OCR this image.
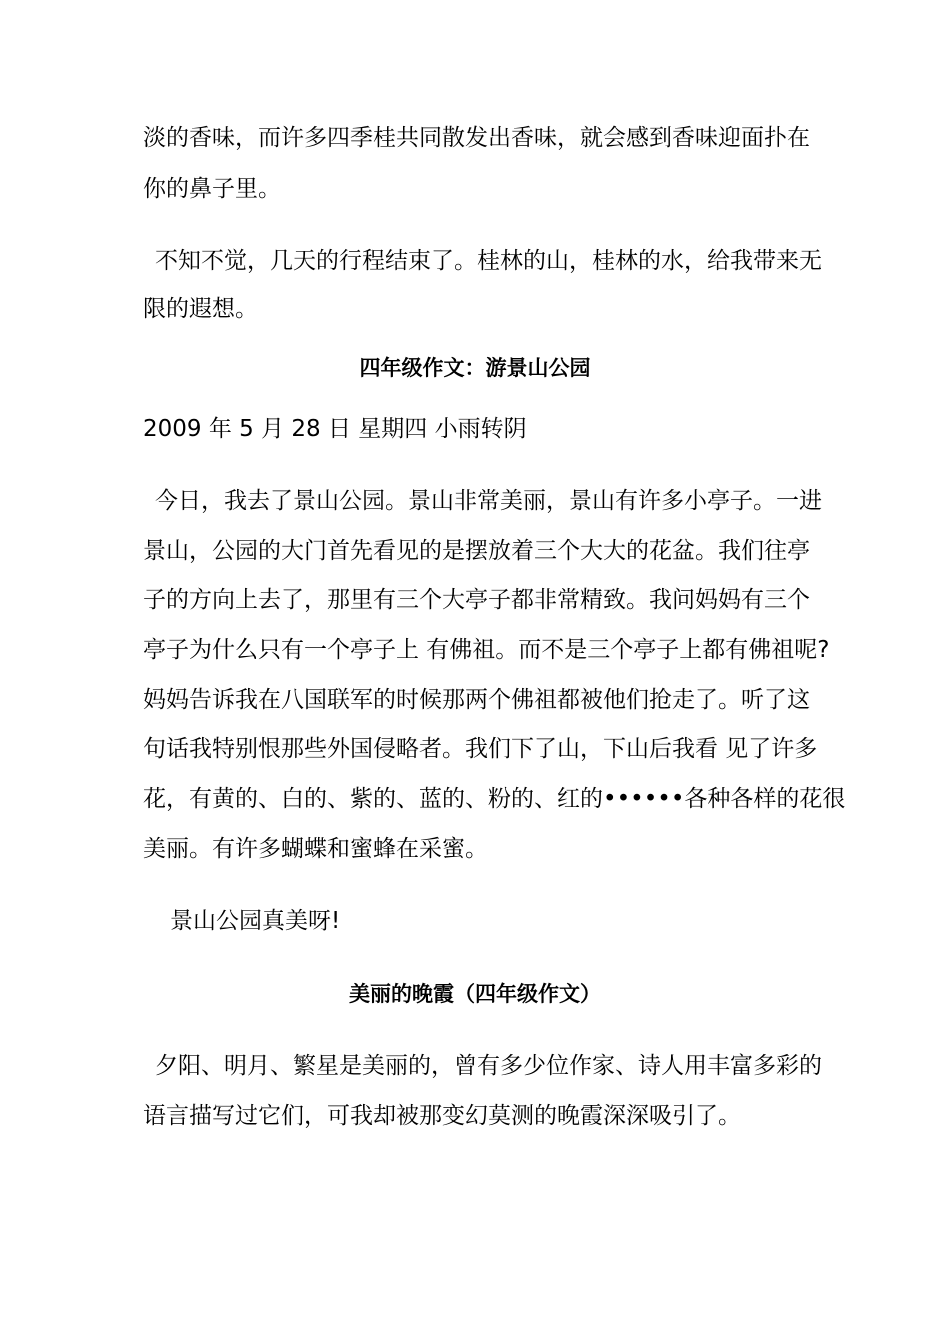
淡的香味，而许多四季桂共同散发出香味，就会感到香味迎面扑在
你的鼻子里。
不知不觉，几天的行程结束了。桂林的山，桂林的水，给我带来无
限的遐想。
四年级作文：游景山公园
2009 年 5 月 28 日 星期四 小雨转阴
今日，我去了景山公园。景山非常美丽，景山有许多小亭子。一进
景山，公园的大门首先看见的是摆放着三个大大的花盆。我们往亭
子的方向上去了，那里有三个大亭子都非常精致。我问妈妈有三个
亭子为什么只有一个亭子上 有佛祖。而不是三个亭子上都有佛祖呢?
妈妈告诉我在八国联军的时候那两个佛祖都被他们抢走了。听了这
句话我特别恨那些外国侵略者。我们下了山，下山后我看 见了许多
花，有黄的、白的、紫的、蓝的、粉的、红的••••••各种各样的花很
美丽。有许多蝴蝶和蜜蜂在采蜜。
景山公园真美呀!
美丽的晚霞（四年级作文）
夕阳、明月、繁星是美丽的，曾有多少位作家、诗人用丰富多彩的
语言描写过它们，可我却被那变幻莫测的晚霞深深吸引了。
